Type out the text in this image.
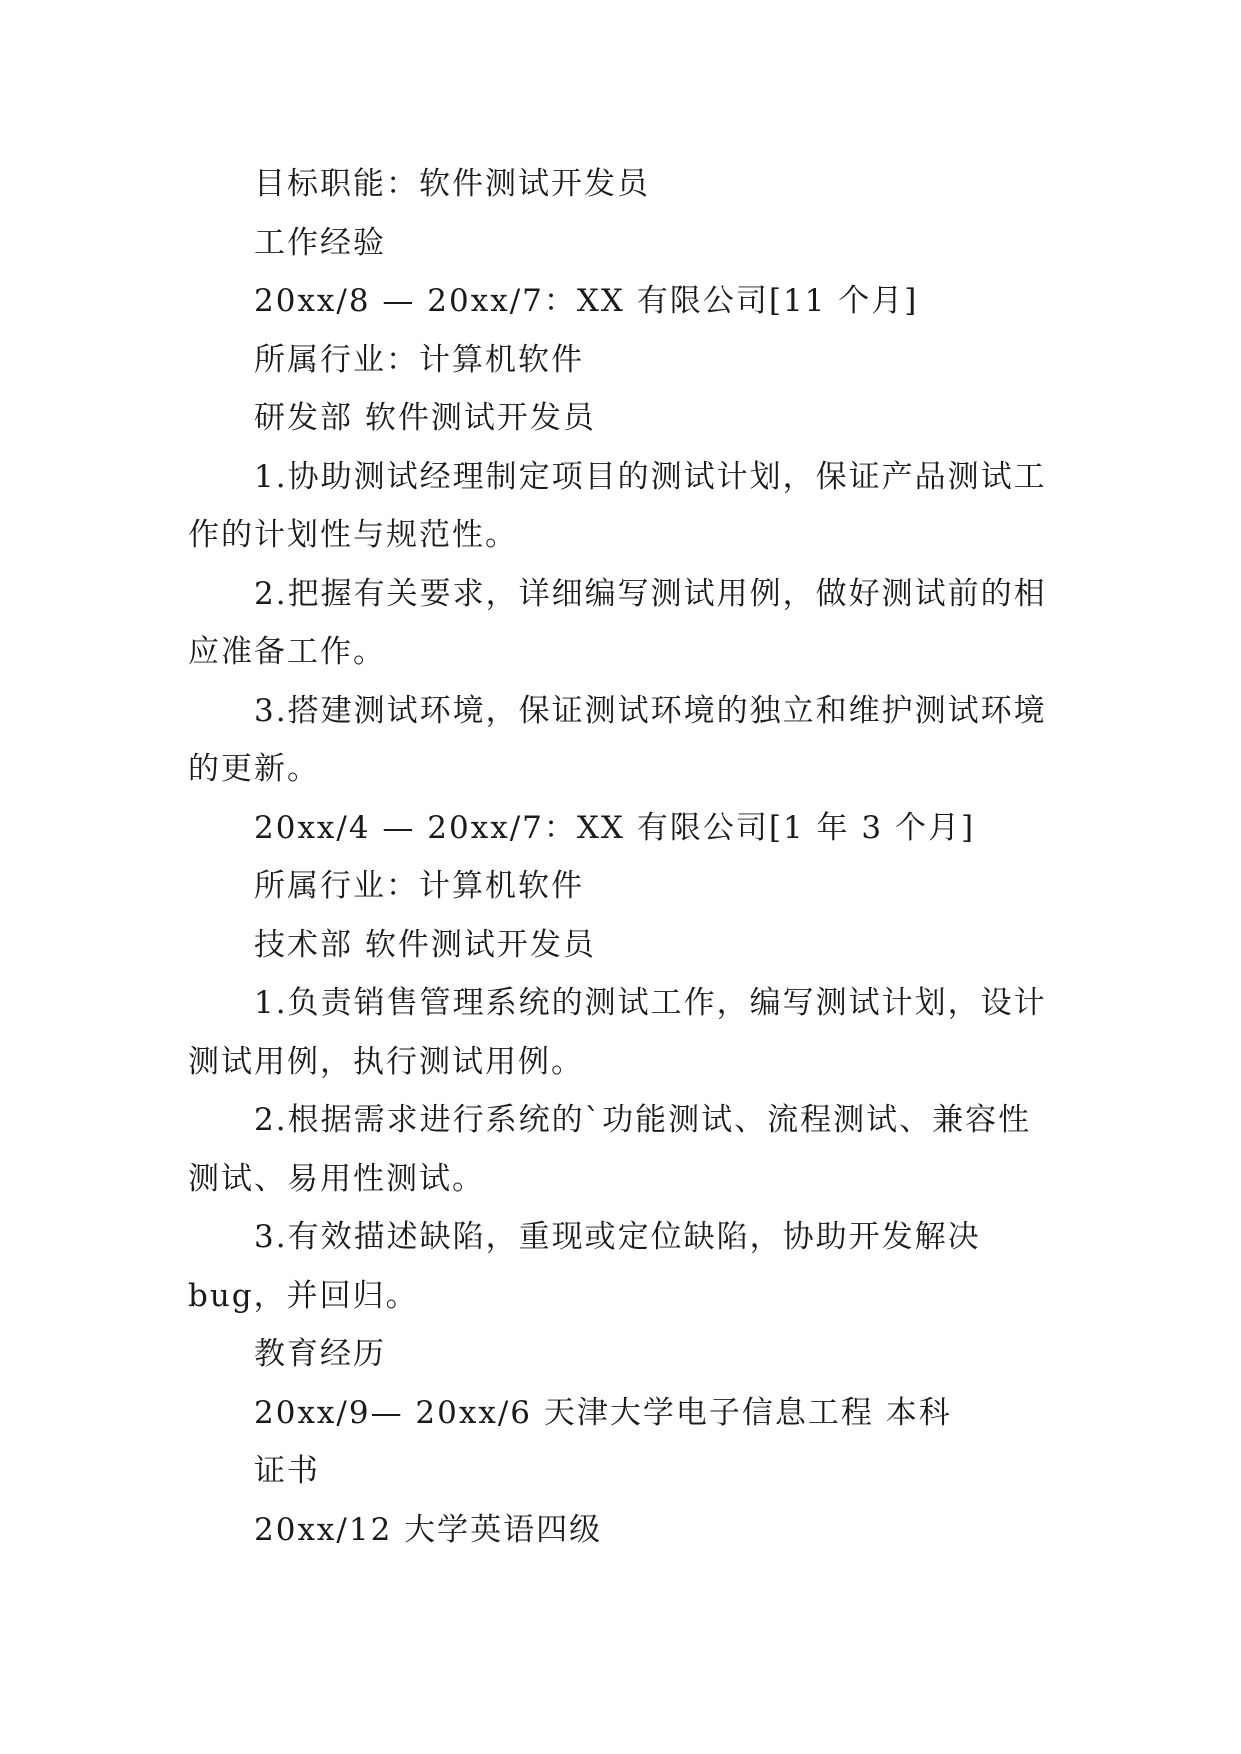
目标职能：软件测试开发员
工作经验
20xx/8 — 20xx/7：XX 有限公司[11 个月]
所属行业：计算机软件
研发部 软件测试开发员

1.协助测试经理制定项目的测试计划，保证产品测试工作的计划性与规范性。

2.把握有关要求，详细编写测试用例，做好测试前的相应准备工作。

3.搭建测试环境，保证测试环境的独立和维护测试环境的更新。

20xx/4 — 20xx/7：XX 有限公司[1 年 3 个月]
所属行业：计算机软件
技术部 软件测试开发员

1.负责销售管理系统的测试工作，编写测试计划，设计测试用例，执行测试用例。

2.根据需求进行系统的`功能测试、流程测试、兼容性测试、易用性测试。

3.有效描述缺陷，重现或定位缺陷，协助开发解决 bug，并回归。

教育经历
20xx/9— 20xx/6 天津大学电子信息工程 本科
证书
20xx/12 大学英语四级
